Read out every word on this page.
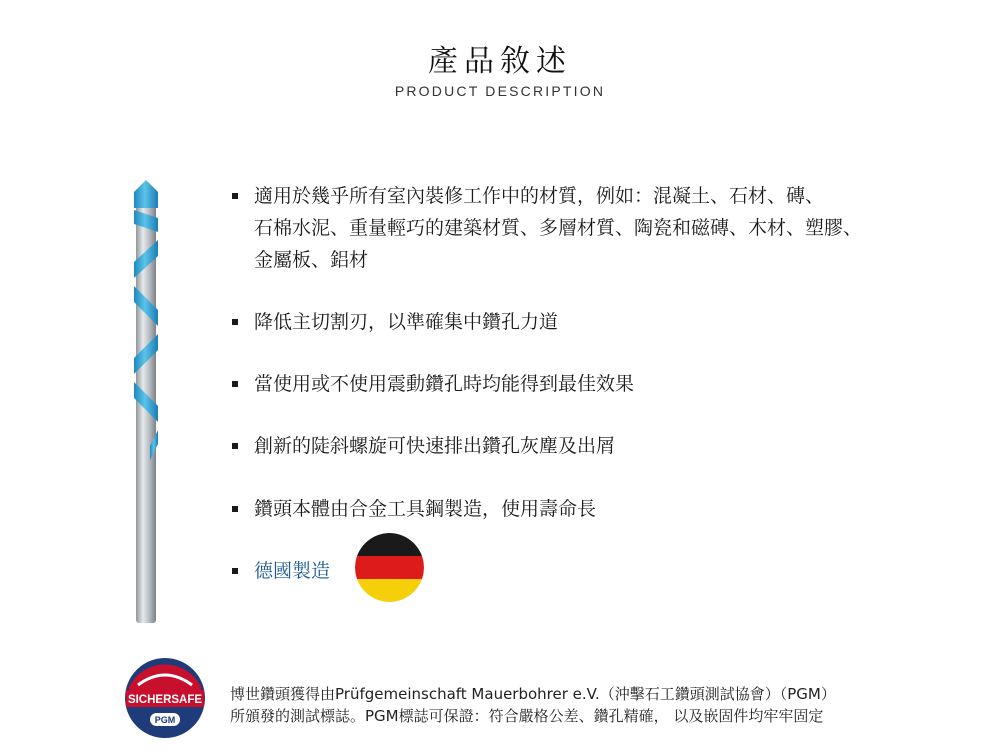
產品敘述
PRODUCT DESCRIPTION
適用於幾乎所有室內裝修工作中的材質，例如：混凝土、石材、磚、
石棉水泥、重量輕巧的建築材質、多層材質、陶瓷和磁磚、木材、塑膠、
金屬板、鋁材
降低主切割刃，以準確集中鑽孔力道
當使用或不使用震動鑽孔時均能得到最佳效果
創新的陡斜螺旋可快速排出鑽孔灰塵及出屑
鑽頭本體由合金工具鋼製造，使用壽命長
德國製造
SICHERSAFE
PGM
博世鑽頭獲得由Prüfgemeinschaft Mauerbohrer e.V.（沖擊石工鑽頭測試協會）（PGM）
所頒發的測試標誌。PGM標誌可保證：符合嚴格公差、鑽孔精確， 以及嵌固件均牢牢固定
